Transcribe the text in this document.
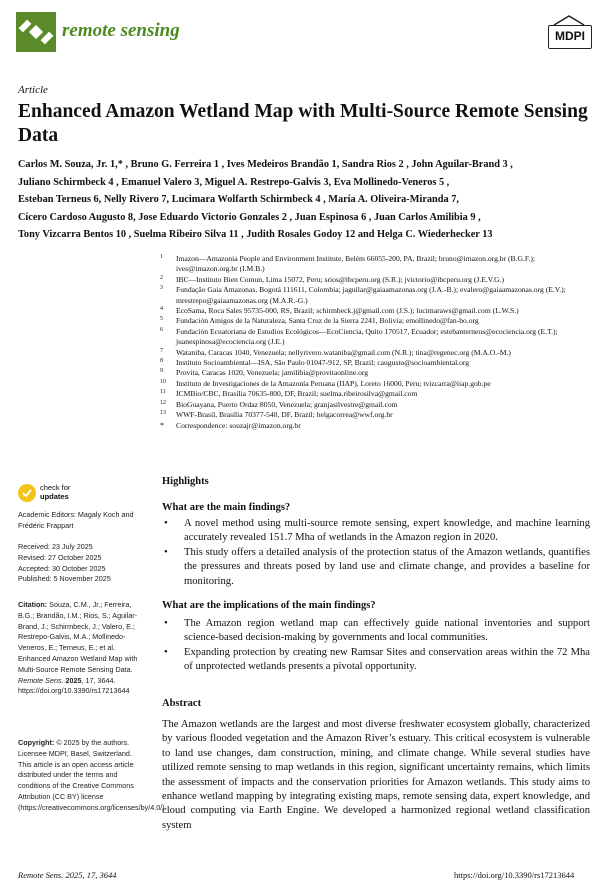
remote sensing	MDPI
Article
Enhanced Amazon Wetland Map with Multi-Source Remote Sensing Data
Carlos M. Souza, Jr. 1,* , Bruno G. Ferreira 1 , Ives Medeiros Brandão 1, Sandra Rios 2 , John Aguilar-Brand 3 ,
Juliano Schirmbeck 4 , Emanuel Valero 3, Miguel A. Restrepo-Galvis 3, Eva Mollinedo-Veneros 5 ,
Esteban Terneus 6, Nelly Rivero 7, Lucimara Wolfarth Schirmbeck 4 , María A. Oliveira-Miranda 7,
Cícero Cardoso Augusto 8, Jose Eduardo Victorio Gonzales 2 , Juan Espinosa 6 , Juan Carlos Amilibia 9 ,
Tony Vizcarra Bentos 10 , Suelma Ribeiro Silva 11 , Judith Rosales Godoy 12 and Helga C. Wiederhecker 13
1 Imazon—Amazonia People and Environment Institute, Belém 66055-200, PA, Brazil; bruno@imazon.org.br (B.G.F.); ives@imazon.org.br (I.M.B.)
2 IBC—Instituto Bien Comun, Lima 15072, Peru; srios@ibcperu.org (S.R.); jvictorio@ibcperu.org (J.E.V.G.)
3 Fundação Gaia Amazonas, Bogotá 111611, Colombia; jaguilar@gaiaamazonas.org (J.A.-B.); evalero@gaiaamazonas.org (E.V.); mrestrepo@gaiaamazonas.org (M.A.R.-G.)
4 EcoSama, Roca Sales 95735-000, RS, Brazil; schirmbeck.j@gmail.com (J.S.); lucimaraws@gmail.com (L.W.S.)
5 Fundación Amigos de la Naturaleza, Santa Cruz de la Sierra 2241, Bolivia; emollinedo@fan-bo.org
6 Fundación Ecuatoriana de Estudios Ecológicos—EcoCiencia, Quito 170517, Ecuador; estebanterneus@ecociencia.org (E.T.); juanespinosa@ecociencia.org (J.E.)
7 Wataniba, Caracas 1040, Venezuela; nellyrivero.wataniba@gmail.com (N.R.); tina@regenec.org (M.A.O.-M.)
8 Instituto Socioambiental—ISA, São Paulo 01047-912, SP, Brazil; caugusto@socioambiental.org
9 Provita, Caracas 1020, Venezuela; jamilibia@provitaonline.org
10 Instituto de Investigaciones de la Amazonía Peruana (IIAP), Loreto 16000, Peru; tvizcarra@iiap.gob.pe
11 ICMBio/CBC, Brasília 70635-800, DF, Brazil; suelma.ribeirosilva@gmail.com
12 BioGuayana, Puerto Ordaz 8050, Venezuela; granjasilvestre@gmail.com
13 WWF-Brasil, Brasília 70377-540, DF, Brazil; helgacorrea@wwf.org.br
* Correspondence: souzajr@imazon.org.br
check for
updates
Academic Editors: Magaly Koch and Frédéric Frappart
Received: 23 July 2025
Revised: 27 October 2025
Accepted: 30 October 2025
Published: 5 November 2025
Citation: Souza, C.M., Jr.; Ferreira, B.G.; Brandão, I.M.; Rios, S.; Aguilar-Brand, J.; Schirmbeck, J.; Valero, E.; Restrepo-Galvis, M.A.; Mollinedo-Veneros, E.; Terneus, E.; et al. Enhanced Amazon Wetland Map with Multi-Source Remote Sensing Data. Remote Sens. 2025, 17, 3644. https://doi.org/10.3390/rs17213644
Copyright: © 2025 by the authors. Licensee MDPI, Basel, Switzerland. This article is an open access article distributed under the terms and conditions of the Creative Commons Attribution (CC BY) license (https://creativecommons.org/licenses/by/4.0/).
Highlights
What are the main findings?
• A novel method using multi-source remote sensing, expert knowledge, and machine learning accurately revealed 151.7 Mha of wetlands in the Amazon region in 2020.
• This study offers a detailed analysis of the protection status of the Amazon wetlands, quantifies the pressures and threats posed by land use and climate change, and provides a baseline for monitoring.
What are the implications of the main findings?
• The Amazon region wetland map can effectively guide national inventories and support science-based decision-making by governments and local communities.
• Expanding protection by creating new Ramsar Sites and conservation areas within the 72 Mha of unprotected wetlands presents a pivotal opportunity.
Abstract
The Amazon wetlands are the largest and most diverse freshwater ecosystem globally, characterized by various flooded vegetation and the Amazon River’s estuary. This critical ecosystem is vulnerable to land use changes, dam construction, mining, and climate change. While several studies have utilized remote sensing to map wetlands in this region, significant uncertainty remains, which limits the assessment of impacts and the conservation priorities for Amazon wetlands. This study aims to enhance wetland mapping by integrating existing maps, remote sensing data, expert knowledge, and cloud computing via Earth Engine. We developed a harmonized regional wetland classification system
Remote Sens. 2025, 17, 3644	https://doi.org/10.3390/rs17213644
